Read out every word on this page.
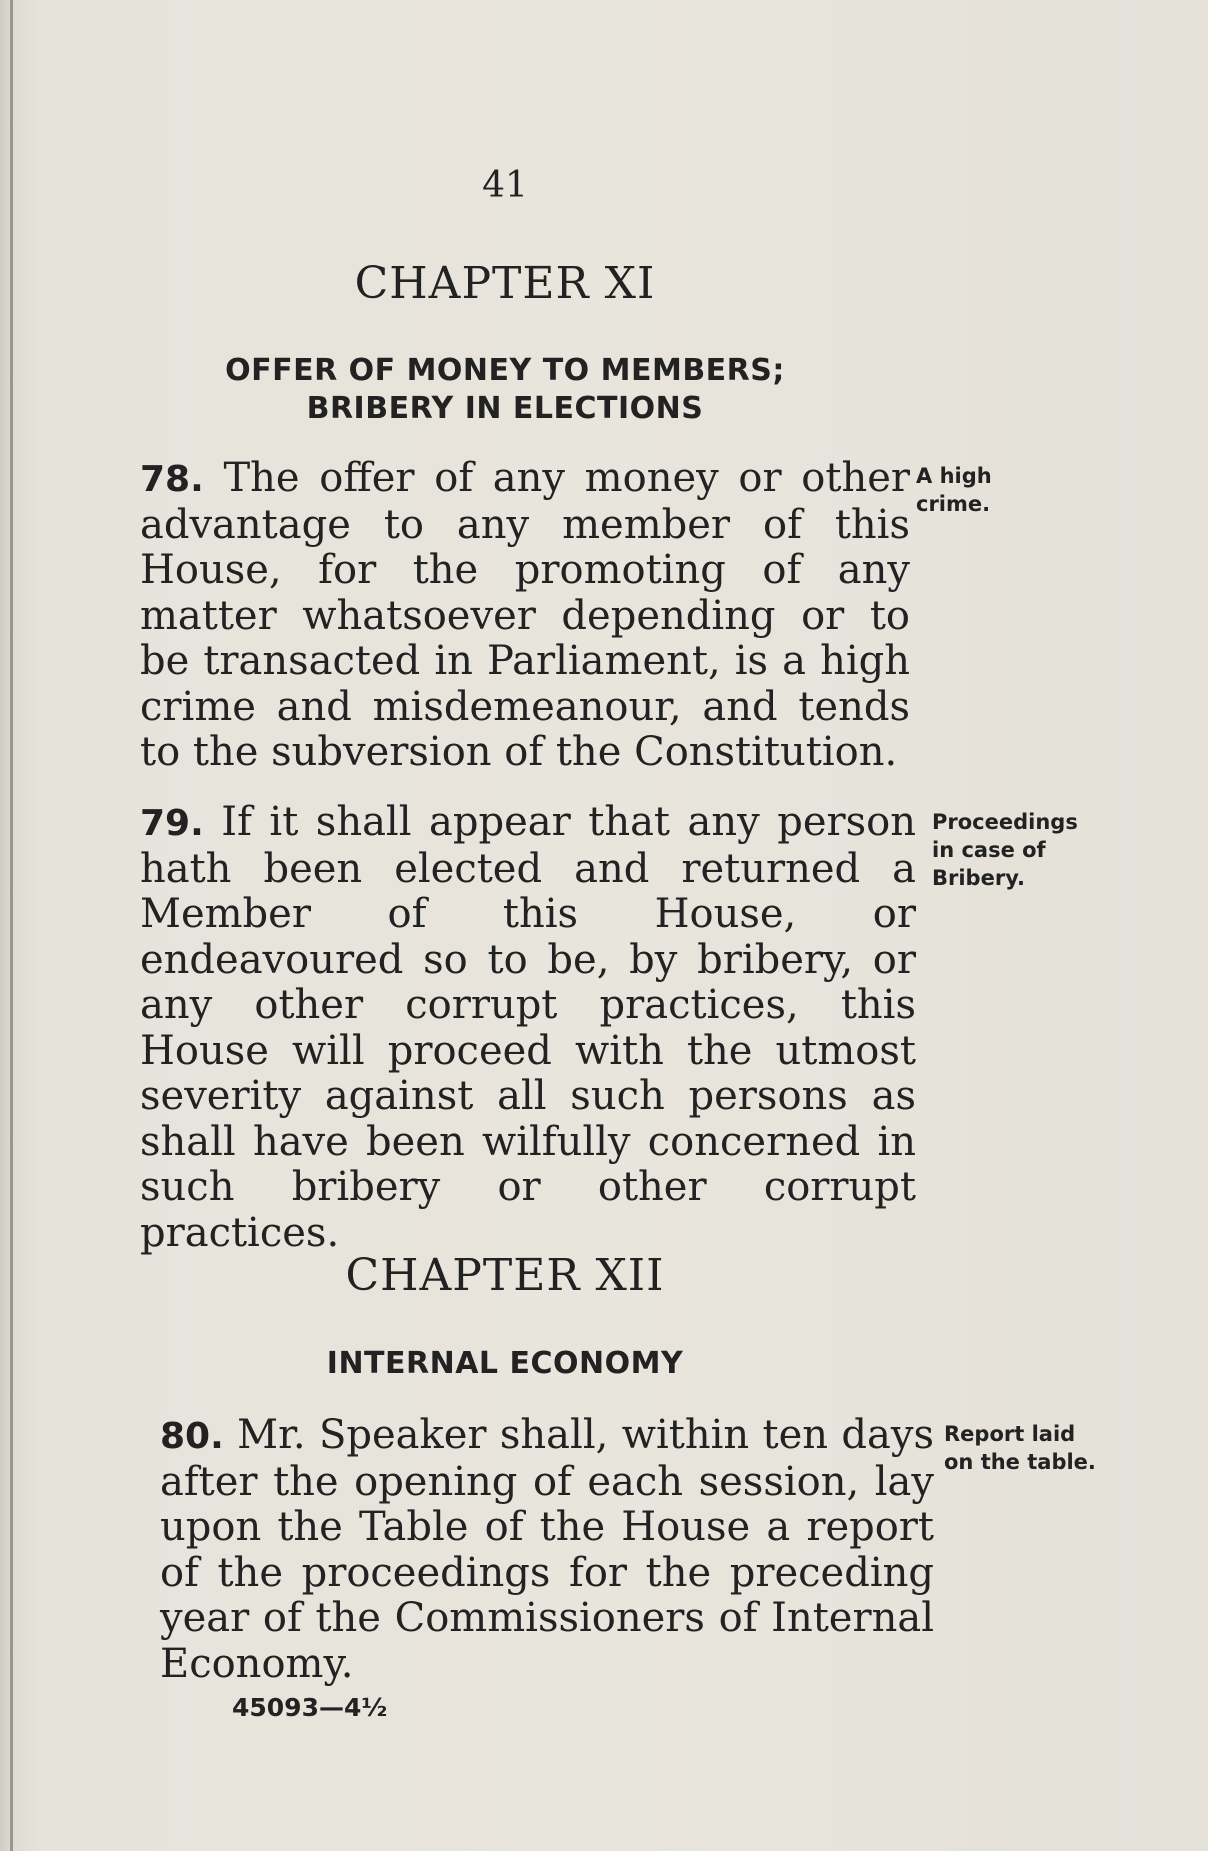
41
CHAPTER XI
OFFER OF MONEY TO MEMBERS;
BRIBERY IN ELECTIONS

78. The offer of any money or other advantage to any member of this House, for the promoting of any matter whatsoever depending or to be transacted in Parliament, is a high crime and misdemeanour, and tends to the subversion of the Constitution.

A high
crime.

79. If it shall appear that any person hath been elected and returned a Member of this House, or endeavoured so to be, by bribery, or any other corrupt practices, this House will proceed with the utmost severity against all such persons as shall have been wilfully concerned in such bribery or other corrupt practices.

Proceedings
in case of
Bribery.
CHAPTER XII
INTERNAL ECONOMY

80. Mr. Speaker shall, within ten days after the opening of each session, lay upon the Table of the House a report of the proceedings for the preceding year of the Commissioners of Internal Economy.

Report laid
on the table.
45093—4½
